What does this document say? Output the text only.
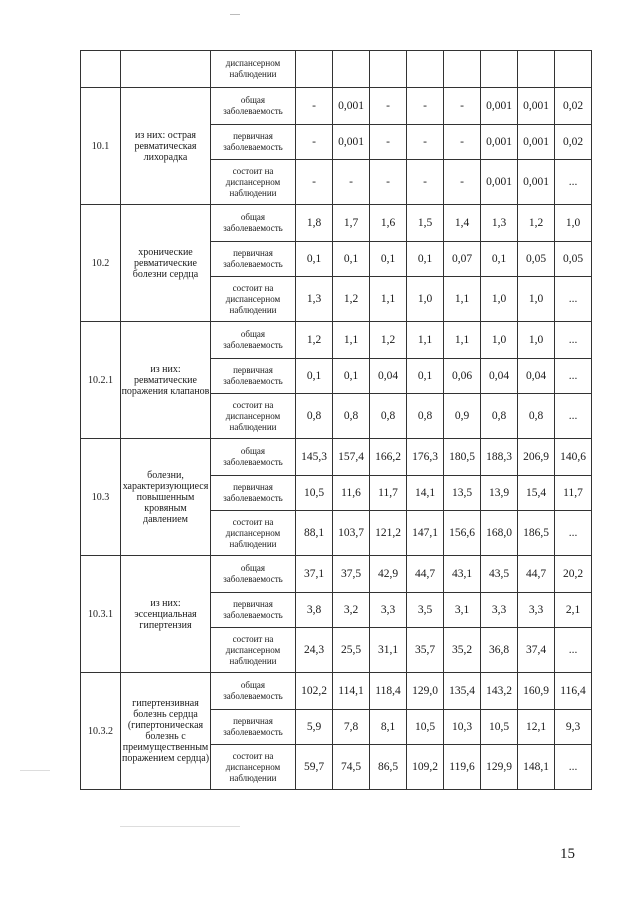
		диспансерном наблюдении								
10.1	из них: острая ревматическая лихорадка	общая заболеваемость	-	0,001	-	-	-	0,001	0,001	0,02
		первичная заболеваемость	-	0,001	-	-	-	0,001	0,001	0,02
		состоит на диспансерном наблюдении	-	-	-	-	-	0,001	0,001	...
10.2	хронические ревматические болезни сердца	общая заболеваемость	1,8	1,7	1,6	1,5	1,4	1,3	1,2	1,0
		первичная заболеваемость	0,1	0,1	0,1	0,1	0,07	0,1	0,05	0,05
		состоит на диспансерном наблюдении	1,3	1,2	1,1	1,0	1,1	1,0	1,0	...
10.2.1	из них: ревматические поражения клапанов	общая заболеваемость	1,2	1,1	1,2	1,1	1,1	1,0	1,0	...
		первичная заболеваемость	0,1	0,1	0,04	0,1	0,06	0,04	0,04	...
		состоит на диспансерном наблюдении	0,8	0,8	0,8	0,8	0,9	0,8	0,8	...
10.3	болезни, характеризующиеся повышенным кровяным давлением	общая заболеваемость	145,3	157,4	166,2	176,3	180,5	188,3	206,9	140,6
		первичная заболеваемость	10,5	11,6	11,7	14,1	13,5	13,9	15,4	11,7
		состоит на диспансерном наблюдении	88,1	103,7	121,2	147,1	156,6	168,0	186,5	...
10.3.1	из них: эссенциальная гипертензия	общая заболеваемость	37,1	37,5	42,9	44,7	43,1	43,5	44,7	20,2
		первичная заболеваемость	3,8	3,2	3,3	3,5	3,1	3,3	3,3	2,1
		состоит на диспансерном наблюдении	24,3	25,5	31,1	35,7	35,2	36,8	37,4	...
10.3.2	гипертензивная болезнь сердца (гипертоническая болезнь с преимущественным поражением сердца)	общая заболеваемость	102,2	114,1	118,4	129,0	135,4	143,2	160,9	116,4
		первичная заболеваемость	5,9	7,8	8,1	10,5	10,3	10,5	12,1	9,3
		состоит на диспансерном наблюдении	59,7	74,5	86,5	109,2	119,6	129,9	148,1	...
15
